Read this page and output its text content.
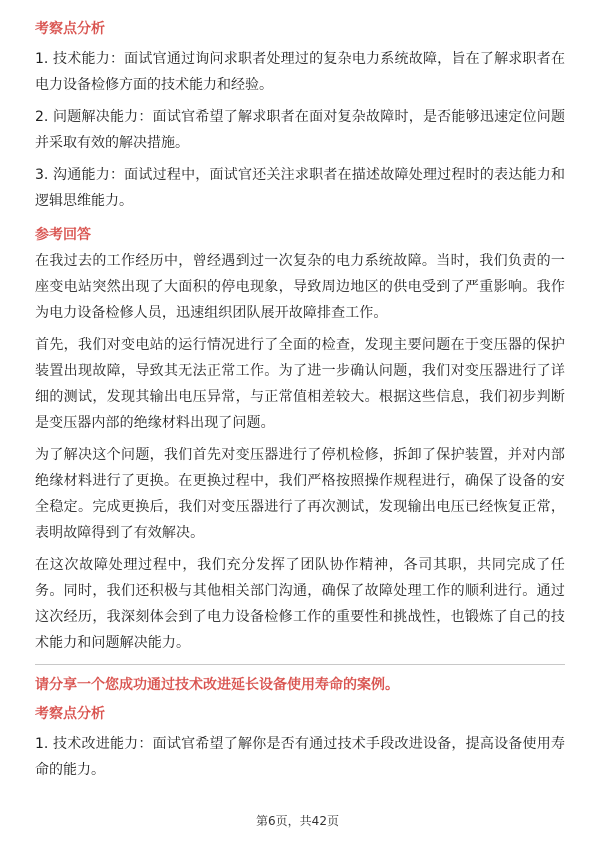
考察点分析
1. 技术能力：面试官通过询问求职者处理过的复杂电力系统故障，旨在了解求职者在电力设备检修方面的技术能力和经验。
2. 问题解决能力：面试官希望了解求职者在面对复杂故障时，是否能够迅速定位问题并采取有效的解决措施。
3. 沟通能力：面试过程中，面试官还关注求职者在描述故障处理过程时的表达能力和逻辑思维能力。
参考回答
在我过去的工作经历中，曾经遇到过一次复杂的电力系统故障。当时，我们负责的一座变电站突然出现了大面积的停电现象，导致周边地区的供电受到了严重影响。我作为电力设备检修人员，迅速组织团队展开故障排查工作。
首先，我们对变电站的运行情况进行了全面的检查，发现主要问题在于变压器的保护装置出现故障，导致其无法正常工作。为了进一步确认问题，我们对变压器进行了详细的测试，发现其输出电压异常，与正常值相差较大。根据这些信息，我们初步判断是变压器内部的绝缘材料出现了问题。
为了解决这个问题，我们首先对变压器进行了停机检修，拆卸了保护装置，并对内部绝缘材料进行了更换。在更换过程中，我们严格按照操作规程进行，确保了设备的安全稳定。完成更换后，我们对变压器进行了再次测试，发现输出电压已经恢复正常，表明故障得到了有效解决。
在这次故障处理过程中，我们充分发挥了团队协作精神，各司其职，共同完成了任务。同时，我们还积极与其他相关部门沟通，确保了故障处理工作的顺利进行。通过这次经历，我深刻体会到了电力设备检修工作的重要性和挑战性，也锻炼了自己的技术能力和问题解决能力。
请分享一个您成功通过技术改进延长设备使用寿命的案例。
考察点分析
1. 技术改进能力：面试官希望了解你是否有通过技术手段改进设备，提高设备使用寿命的能力。
第6页，共42页
